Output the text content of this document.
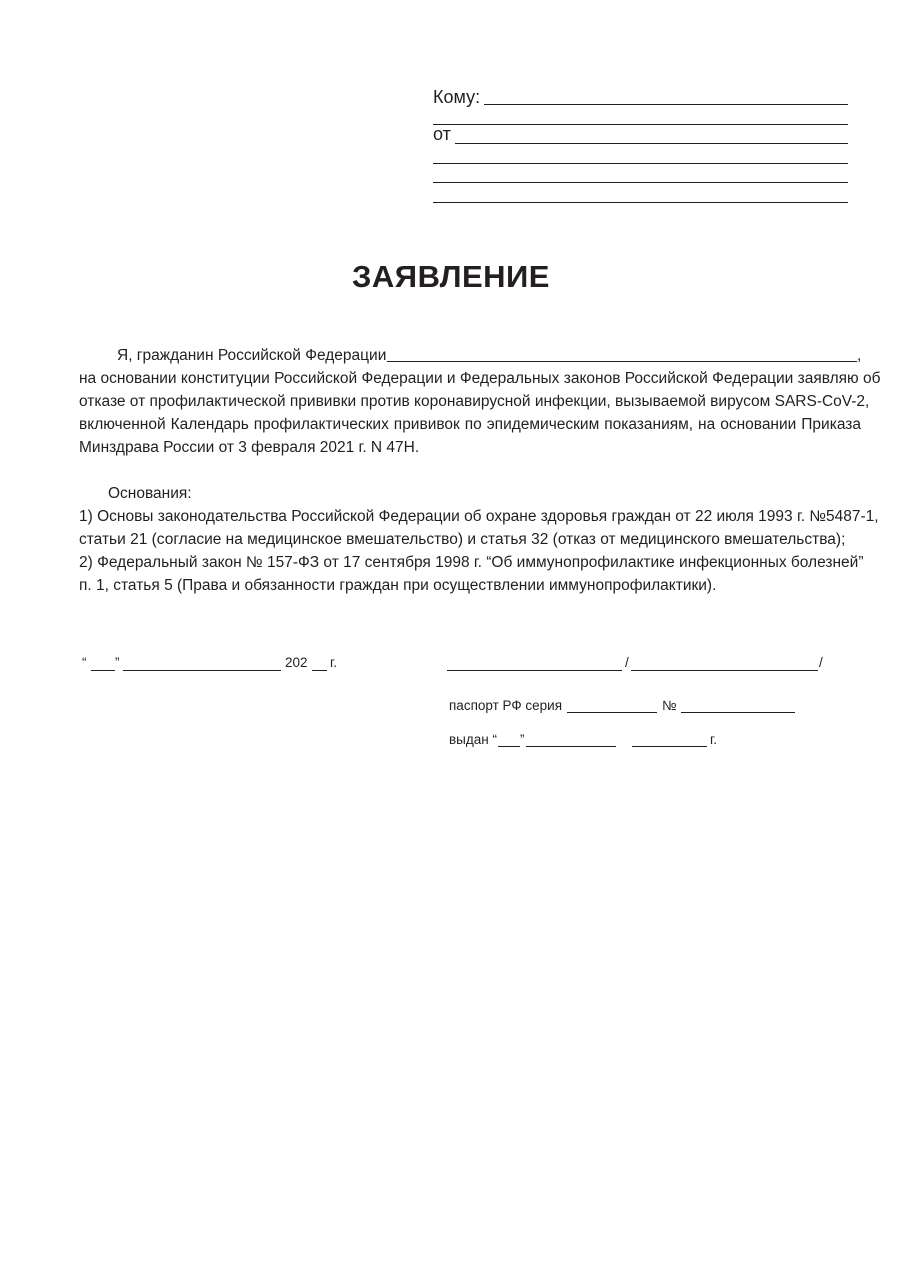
Кому:
от
ЗАЯВЛЕНИЕ
Я, гражданин Российской Федерации	,
на основании конституции Российской Федерации и Федеральных законов Российской Федерации заявляю об
отказе от профилактической прививки против коронавирусной инфекции, вызываемой вирусом SARS-CoV-2,
включенной Календарь профилактических прививок по эпидемическим показаниям, на основании Приказа
Минздрава России от 3 февраля 2021 г. N 47Н.
Основания:
1) Основы законодательства Российской Федерации об охране здоровья граждан от 22 июля 1993 г. №5487-1,
статьи 21 (согласие на медицинское вмешательство) и статья 32 (отказ от медицинского вмешательства);
2) Федеральный закон № 157-ФЗ от 17 сентября 1998 г. “Об иммунопрофилактике инфекционных болезней”
п. 1, статья 5 (Права и обязанности граждан при осуществлении иммунопрофилактики).
“ ”	202 г.	/	/
паспорт РФ серия	№
выдан “ ”	г.
